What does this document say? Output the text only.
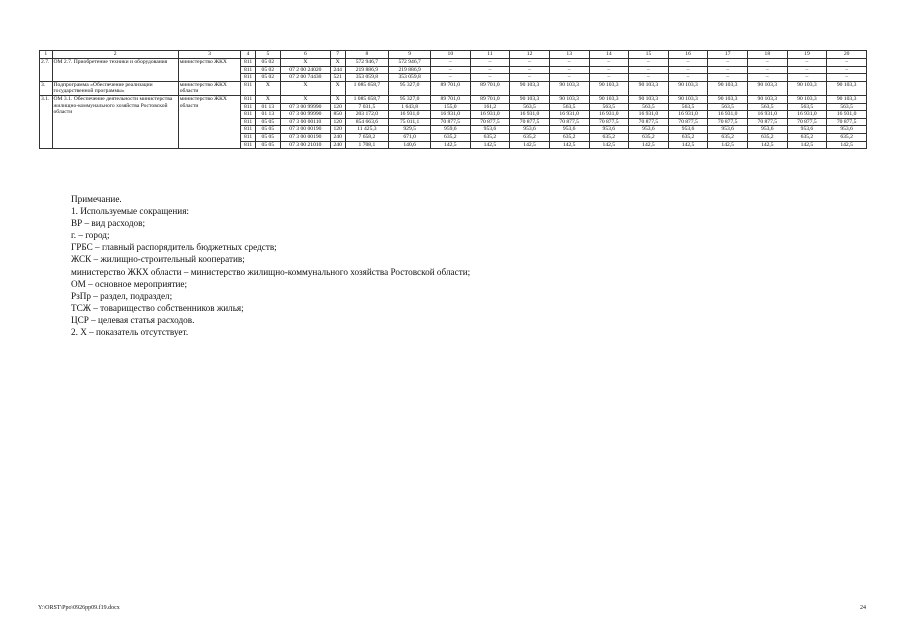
1	2	3	4	5	6	7	8	9	10	11	12	13	14	15	16	17	18	19	20
2.7.	ОМ 2.7. Приобретение техники и оборудования	министерство ЖКХ	811	05 02	Х	Х	572 946,7	572 946,7	–	–	–	–	–	–	–	–	–	–	–
			811	05 02	07 2 00 24020	244	219 886,9	219 886,9	–	–	–	–	–	–	–	–	–	–	–
			811	05 02	07 2 00 74430	521	353 059,8	353 059,8	–	–	–	–	–	–	–	–	–	–	–
3.	Подпрограмма «Обеспечение реализации государственной программы»	министерство ЖКХ области	811	Х	Х	Х	1 085 658,7	95 327,0	89 701,0	89 701,0	90 103,3	90 103,3	90 103,3	90 103,3	90 103,3	90 103,3	90 103,3	90 103,3	90 103,3
3.1.	ОМ 3.1. Обеспечение деятельности министерства жилищно-коммунального хозяйства Ростовской области	министерство ЖКХ области	811	Х	Х	Х	1 085 658,7	95 327,0	89 701,0	89 701,0	90 103,3	90 103,3	90 103,3	90 103,3	90 103,3	90 103,3	90 103,3	90 103,3	90 103,3
			811	01 13	07 3 00 99990	120	7 031,5	1 643,8	155,0	161,2	563,5	563,5	563,5	563,5	563,5	563,5	563,5	563,5	563,5
			811	01 13	07 3 00 99990	850	203 172,0	16 931,0	16 931,0	16 931,0	16 931,0	16 931,0	16 931,0	16 931,0	16 931,0	16 931,0	16 931,0	16 931,0	16 931,0
			811	05 05	07 3 00 00110	120	854 663,6	75 011,1	70 877,5	70 877,5	70 877,5	70 877,5	70 877,5	70 877,5	70 877,5	70 877,5	70 877,5	70 877,5	70 877,5
			811	05 05	07 3 00 00190	120	11 425,3	929,5	959,6	953,6	953,6	953,6	953,6	953,6	953,6	953,6	953,6	953,6	953,6
			811	05 05	07 3 00 00190	240	7 658,2	671,0	635,2	635,2	635,2	635,2	635,2	635,2	635,2	635,2	635,2	635,2	635,2
			811	05 05	07 3 00 21010	240	1 708,1	140,6	142,5	142,5	142,5	142,5	142,5	142,5	142,5	142,5	142,5	142,5	142,5
Примечание.
1. Используемые сокращения:
ВР – вид расходов;
г. – город;
ГРБС – главный распорядитель бюджетных средств;
ЖСК – жилищно-строительный кооператив;
министерство ЖКХ области – министерство жилищно-коммунального хозяйства Ростовской области;
ОМ – основное мероприятие;
РзПр – раздел, подраздел;
ТСЖ – товарищество собственников жилья;
ЦСР – целевая статья расходов.
2. Х – показатель отсутствует.
Y:\ORST\Ppo\0926pp09.f19.docx	24
